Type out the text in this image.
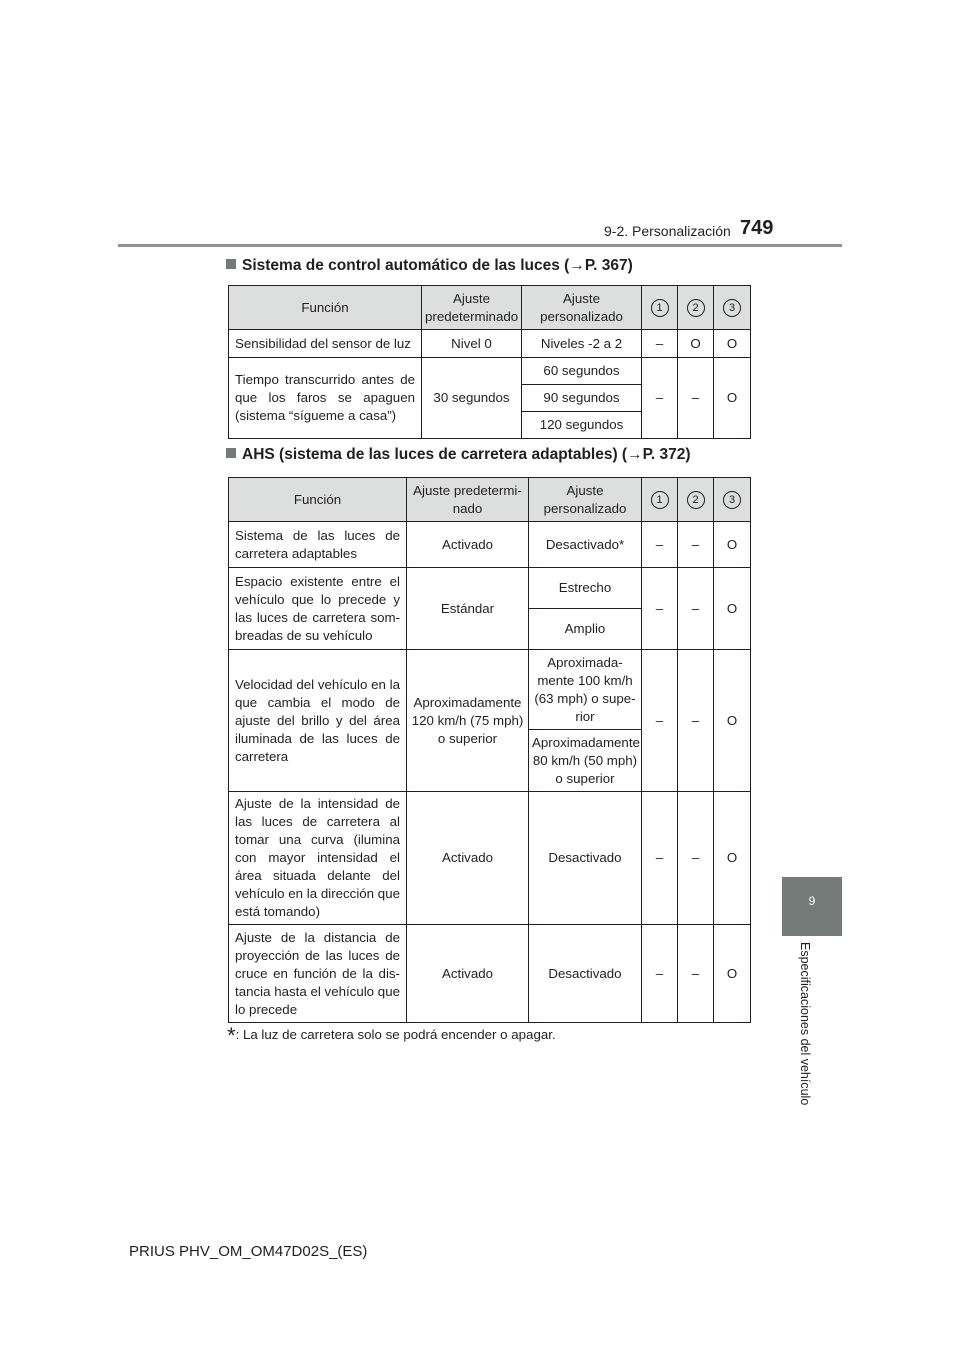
9-2. Personalización 749
9
Especificaciones del vehículo
Sistema de control automático de las luces (→P. 367)
Función	Ajuste predeterminado	Ajuste personalizado	1	2	3
Sensibilidad del sensor de luz	Nivel 0	Niveles -2 a 2	–	O	O
Tiempo transcurrido antes de que los faros se apaguen (sistema “sígueme a casa”)	30 segundos	60 segundos	–	–	O
		90 segundos			
		120 segundos			
AHS (sistema de las luces de carretera adaptables) (→P. 372)
Función	Ajuste predetermi-nado	Ajuste personalizado	1	2	3
Sistema de las luces de carretera adaptables	Activado	Desactivado*	–	–	O
Espacio existente entre el vehículo que lo precede y las luces de carretera som-breadas de su vehículo	Estándar	Estrecho	–	–	O
		Amplio			
Velocidad del vehículo en la que cambia el modo de ajuste del brillo y del área iluminada de las luces de carretera	Aproximadamente 120 km/h (75 mph) o superior	Aproximada-mente 100 km/h (63 mph) o supe-rior	–	–	O
		Aproximadamente 80 km/h (50 mph) o superior			
Ajuste de la intensidad de las luces de carretera al tomar una curva (ilumina con mayor intensidad el área situada delante del vehículo en la dirección que está tomando)	Activado	Desactivado	–	–	O
Ajuste de la distancia de proyección de las luces de cruce en función de la dis-tancia hasta el vehículo que lo precede	Activado	Desactivado	–	–	O
*: La luz de carretera solo se podrá encender o apagar.
PRIUS PHV_OM_OM47D02S_(ES)
